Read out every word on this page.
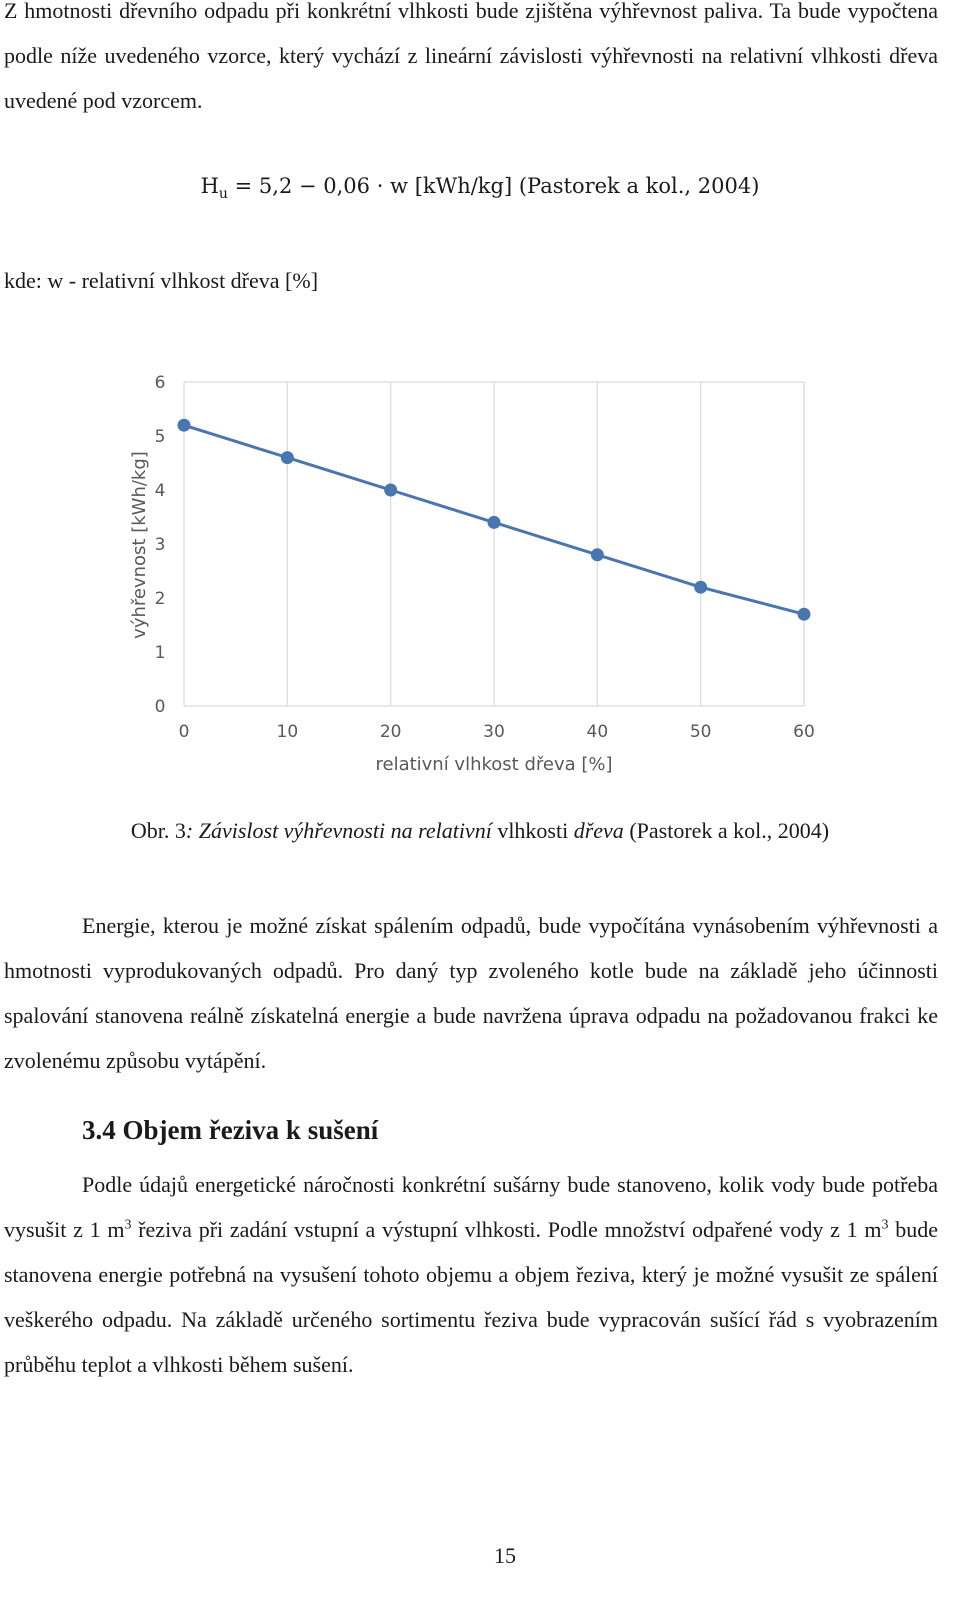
Z hmotnosti dřevního odpadu při konkrétní vlhkosti bude zjištěna výhřevnost paliva. Ta bude vypočtena podle níže uvedeného vzorce, který vychází z lineární závislosti výhřevnosti na relativní vlhkosti dřeva uvedené pod vzorcem.

$H_u = 5,2 - 0,06 \cdot w$ [kWh/kg] (Pastorek a kol., 2004)
kde: w - relativní vlhkost dřeva [%]
0
1
2
3
4
5
6
0	10	20	30	40	50	60
výhřevnost [kWh/kg]
relativní vlhkost dřeva [%]
Obr. 3: Závislost výhřevnosti na relativní vlhkosti dřeva (Pastorek a kol., 2004)

Energie, kterou je možné získat spálením odpadů, bude vypočítána vynásobením výhřevnosti a hmotnosti vyprodukovaných odpadů. Pro daný typ zvoleného kotle bude na základě jeho účinnosti spalování stanovena reálně získatelná energie a bude navržena úprava odpadu na požadovanou frakci ke zvolenému způsobu vytápění.

3.4 Objem řeziva k sušení

Podle údajů energetické náročnosti konkrétní sušárny bude stanoveno, kolik vody bude potřeba vysušit z 1 $m^3$ řeziva při zadání vstupní a výstupní vlhkosti. Podle množství odpařené vody z 1 $m^3$ bude stanovena energie potřebná na vysušení tohoto objemu a objem řeziva, který je možné vysušit ze spálení veškerého odpadu. Na základě určeného sortimentu řeziva bude vypracován sušící řád s vyobrazením průběhu teplot a vlhkosti během sušení.

15
